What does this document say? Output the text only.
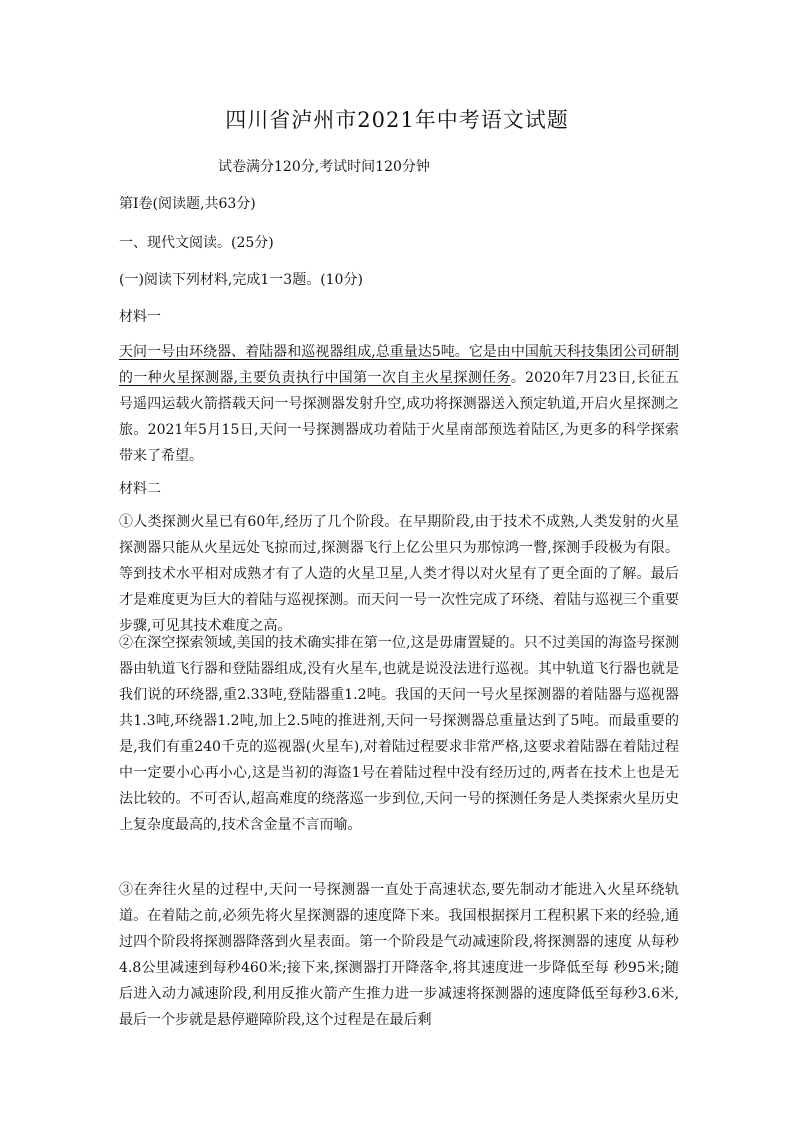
四川省泸州市2021年中考语文试题

试卷满分120分,考试时间120分钟

第Ⅰ卷(阅读题,共63分)

一、现代文阅读。(25分)

(一)阅读下列材料,完成1一3题。(10分)

材料一

天问一号由环绕器、着陆器和巡视器组成,总重量达5吨。它是由中国航天科技集团公司研制的一种火星探测器,主要负责执行中国第一次自主火星探测任务。2020年7月23日,长征五号遥四运载火箭搭载天问一号探测器发射升空,成功将探测器送入预定轨道,开启火星探测之旅。2021年5月15日,天问一号探测器成功着陆于火星南部预选着陆区,为更多的科学探索带来了希望。

材料二

①人类探测火星已有60年,经历了几个阶段。在早期阶段,由于技术不成熟,人类发射的火星探测器只能从火星远处飞掠而过,探测器飞行上亿公里只为那惊鸿一瞥,探测手段极为有限。等到技术水平相对成熟才有了人造的火星卫星,人类才得以对火星有了更全面的了解。最后才是难度更为巨大的着陆与巡视探测。而天问一号一次性完成了环绕、着陆与巡视三个重要步骤,可见其技术难度之高。

②在深空探索领域,美国的技术确实排在第一位,这是毋庸置疑的。只不过美国的海盗号探测器由轨道飞行器和登陆器组成,没有火星车,也就是说没法进行巡视。其中轨道飞行器也就是我们说的环绕器,重2.33吨,登陆器重1.2吨。我国的天问一号火星探测器的着陆器与巡视器共1.3吨,环绕器1.2吨,加上2.5吨的推进剂,天问一号探测器总重量达到了5吨。而最重要的是,我们有重240千克的巡视器(火星车),对着陆过程要求非常严格,这要求着陆器在着陆过程中一定要小心再小心,这是当初的海盗1号在着陆过程中没有经历过的,两者在技术上也是无法比较的。不可否认,超高难度的绕落巡一步到位,天问一号的探测任务是人类探索火星历史上复杂度最高的,技术含金量不言而喻。

③在奔往火星的过程中,天问一号探测器一直处于高速状态,要先制动才能进入火星环绕轨道。在着陆之前,必须先将火星探测器的速度降下来。我国根据探月工程积累下来的经验,通过四个阶段将探测器降落到火星表面。第一个阶段是气动减速阶段,将探测器的速度 从每秒4.8公里减速到每秒460米;接下来,探测器打开降落伞,将其速度进一步降低至每 秒95米;随后进入动力减速阶段,利用反推火箭产生推力进一步减速将探测器的速度降低至每秒3.6米,最后一个步就是悬停避障阶段,这个过程是在最后剩
